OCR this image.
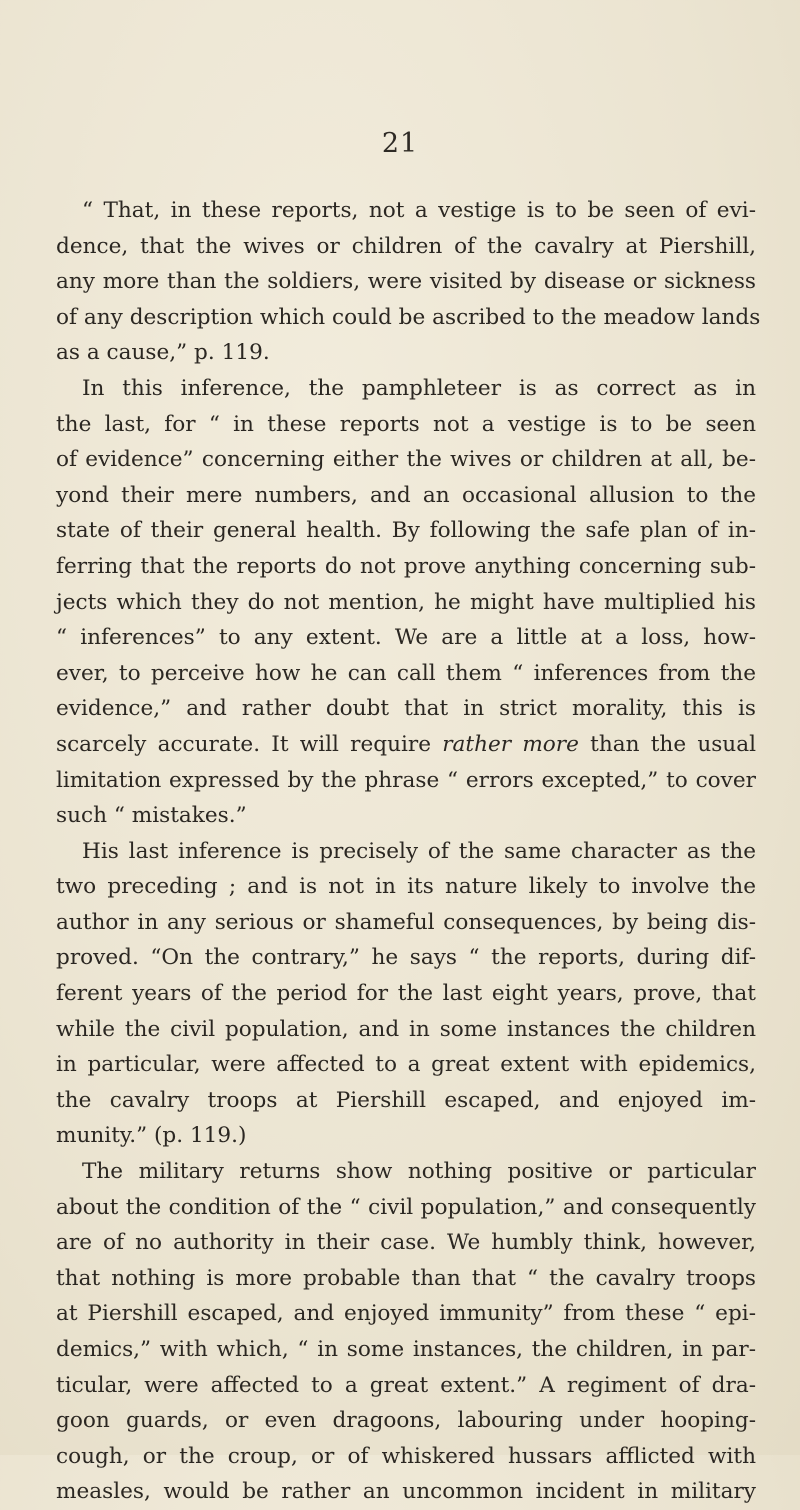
21
“ That, in these reports, not a vestige is to be seen of evi-
dence, that the wives or children of the cavalry at Piershill,
any more than the soldiers, were visited by disease or sickness
of any description which could be ascribed to the meadow lands
as a cause,” p. 119.
In this inference, the pamphleteer is as correct as in
the last, for “ in these reports not a vestige is to be seen
of evidence” concerning either the wives or children at all, be-
yond their mere numbers, and an occasional allusion to the
state of their general health. By following the safe plan of in-
ferring that the reports do not prove anything concerning sub-
jects which they do not mention, he might have multiplied his
“ inferences” to any extent. We are a little at a loss, how-
ever, to perceive how he can call them “ inferences from the
evidence,” and rather doubt that in strict morality, this is
scarcely accurate. It will require rather more than the usual
limitation expressed by the phrase “ errors excepted,” to cover
such “ mistakes.”
His last inference is precisely of the same character as the
two preceding ; and is not in its nature likely to involve the
author in any serious or shameful consequences, by being dis-
proved. “On the contrary,” he says “ the reports, during dif-
ferent years of the period for the last eight years, prove, that
while the civil population, and in some instances the children
in particular, were affected to a great extent with epidemics,
the cavalry troops at Piershill escaped, and enjoyed im-
munity.” (p. 119.)
The military returns show nothing positive or particular
about the condition of the “ civil population,” and consequently
are of no authority in their case. We humbly think, however,
that nothing is more probable than that “ the cavalry troops
at Piershill escaped, and enjoyed immunity” from these “ epi-
demics,” with which, “ in some instances, the children, in par-
ticular, were affected to a great extent.” A regiment of dra-
goon guards, or even dragoons, labouring under hooping-
cough, or the croup, or of whiskered hussars afflicted with
measles, would be rather an uncommon incident in military
